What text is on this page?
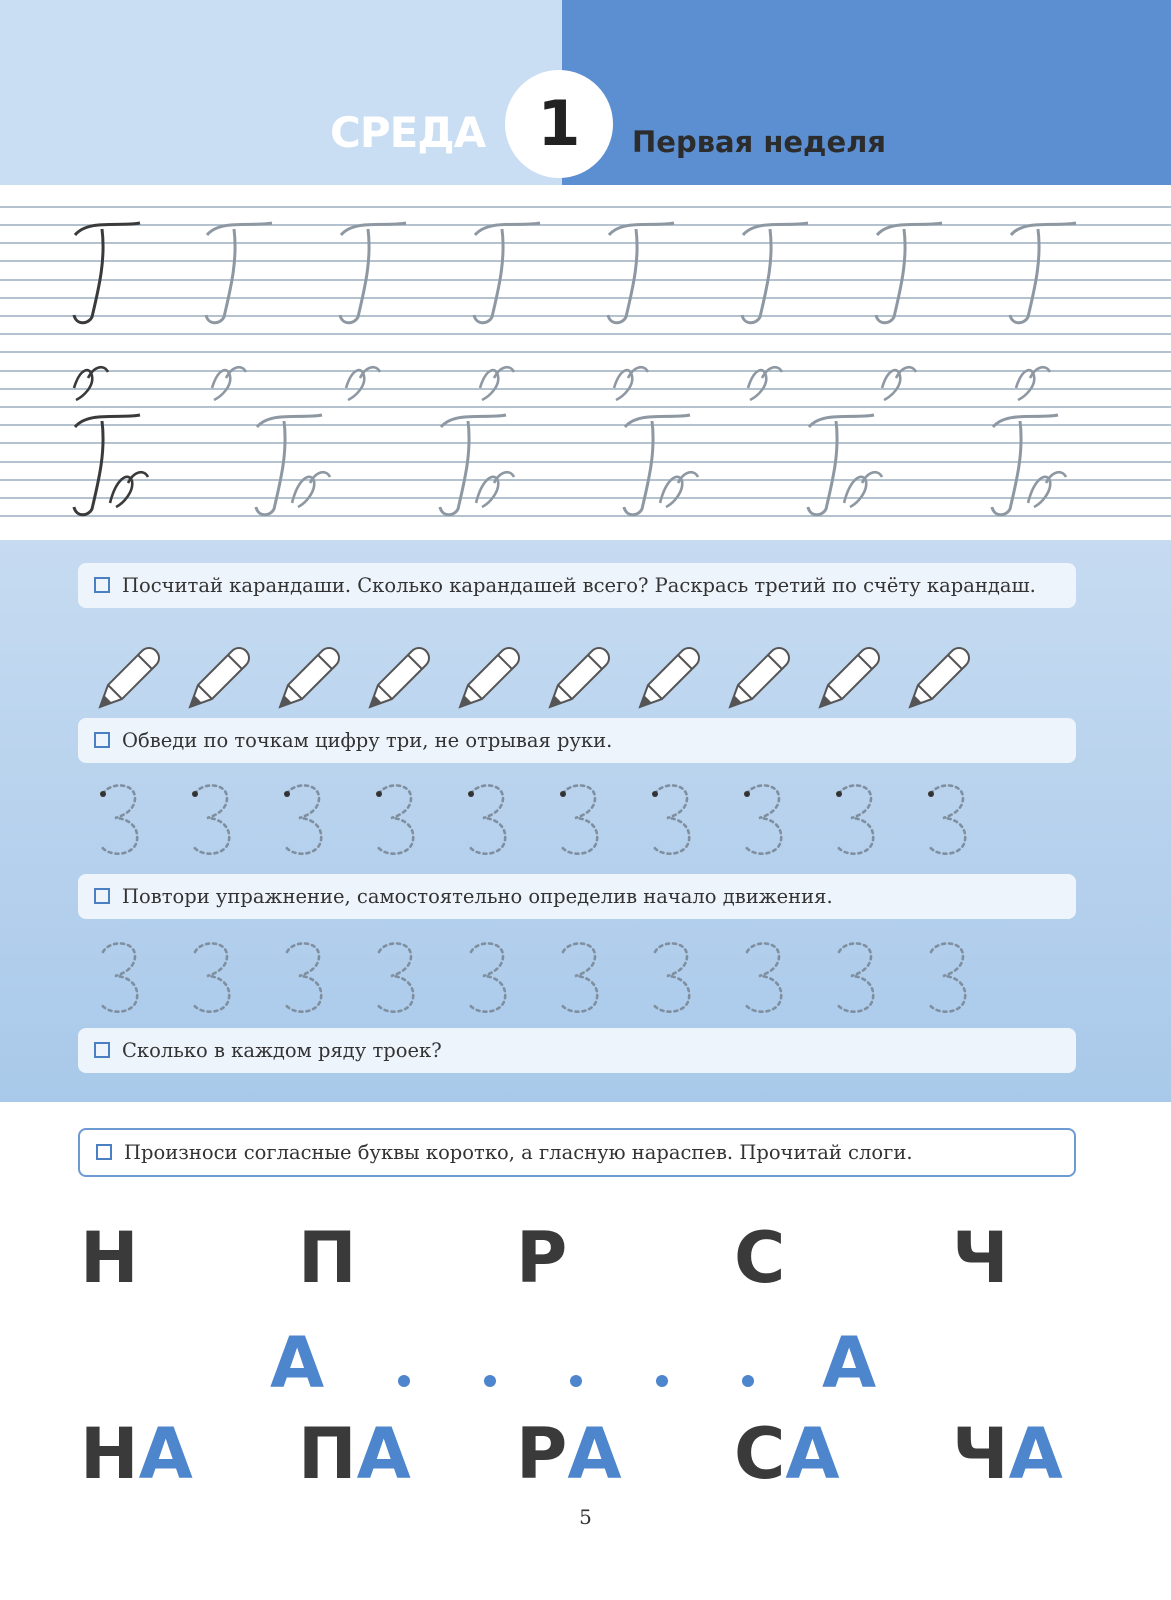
СРЕДА 1	Первая неделя
Посчитай карандаши. Сколько карандашей всего? Раскрась третий по счёту карандаш.
Обведи по точкам цифру три, не отрывая руки.
Повтори упражнение, самостоятельно определив начало движения.
Сколько в каждом ряду троек?
Произноси согласные буквы коротко, а гласную нараспев. Прочитай слоги.
Н П Р С Ч
А	А
НА ПА РА СА ЧА
5
